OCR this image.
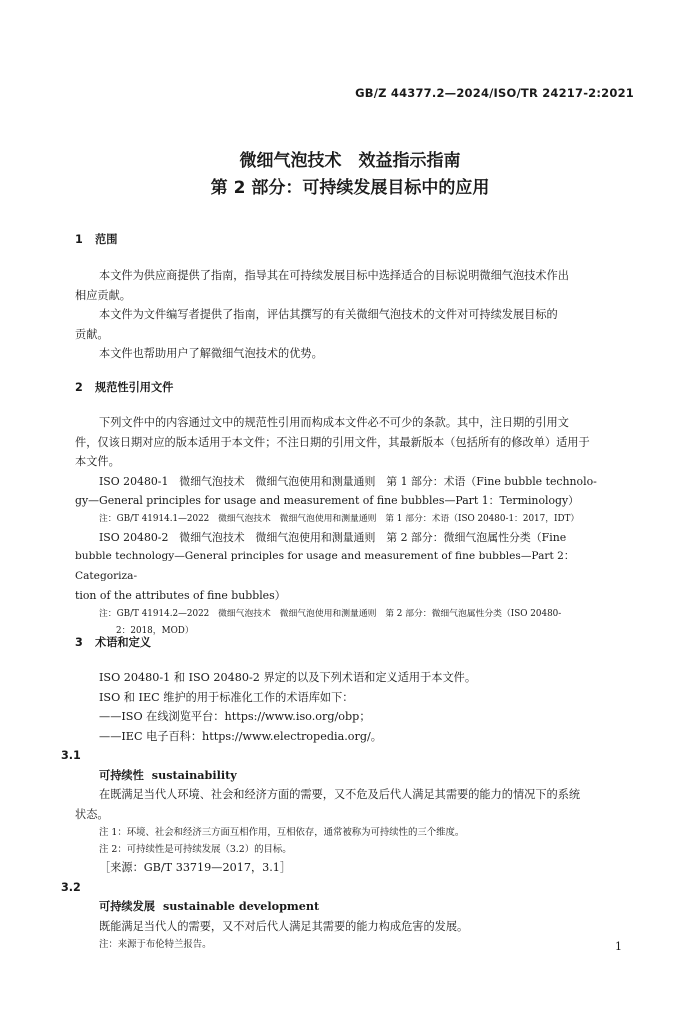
GB/Z 44377.2—2024/ISO/TR 24217-2:2021
微细气泡技术　效益指示指南
第 2 部分：可持续发展目标中的应用

1 范围

本文件为供应商提供了指南，指导其在可持续发展目标中选择适合的目标说明微细气泡技术作出

相应贡献。

本文件为文件编写者提供了指南，评估其撰写的有关微细气泡技术的文件对可持续发展目标的

贡献。

本文件也帮助用户了解微细气泡技术的优势。

2 规范性引用文件

下列文件中的内容通过文中的规范性引用而构成本文件必不可少的条款。其中，注日期的引用文

件，仅该日期对应的版本适用于本文件；不注日期的引用文件，其最新版本（包括所有的修改单）适用于

本文件。

ISO 20480-1　微细气泡技术　微细气泡使用和测量通则　第 1 部分：术语（Fine bubble technolo-

gy—General principles for usage and measurement of fine bubbles—Part 1：Terminology）

注：GB/T 41914.1—2022　微细气泡技术　微细气泡使用和测量通则　第 1 部分：术语（ISO 20480-1：2017，IDT）

ISO 20480-2　微细气泡技术　微细气泡使用和测量通则　第 2 部分：微细气泡属性分类（Fine

bubble technology—General principles for usage and measurement of fine bubbles—Part 2：Categoriza-

tion of the attributes of fine bubbles）

注：GB/T 41914.2—2022　微细气泡技术　微细气泡使用和测量通则　第 2 部分：微细气泡属性分类（ISO 20480-

2：2018，MOD）

3 术语和定义

ISO 20480-1 和 ISO 20480-2 界定的以及下列术语和定义适用于本文件。

ISO 和 IEC 维护的用于标准化工作的术语库如下：

——ISO 在线浏览平台：https://www.iso.org/obp；

——IEC 电子百科：https://www.electropedia.org/。

3.1

可持续性 sustainability

在既满足当代人环境、社会和经济方面的需要，又不危及后代人满足其需要的能力的情况下的系统

状态。

注 1：环境、社会和经济三方面互相作用，互相依存，通常被称为可持续性的三个维度。

注 2：可持续性是可持续发展（3.2）的目标。

［来源：GB/T 33719—2017，3.1］

3.2

可持续发展 sustainable development

既能满足当代人的需要，又不对后代人满足其需要的能力构成危害的发展。

注：来源于布伦特兰报告。	1
